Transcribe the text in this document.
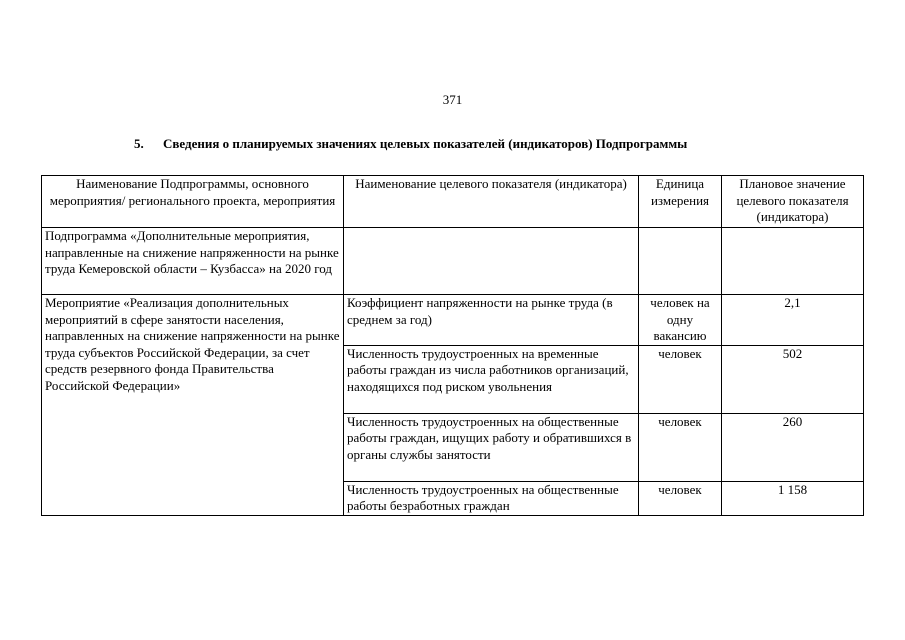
371
5. Сведения о планируемых значениях целевых показателей (индикаторов) Подпрограммы
Наименование Подпрограммы, основного мероприятия/ регионального проекта, мероприятия	Наименование целевого показателя (индикатора)	Единица измерения	Плановое значение целевого показателя (индикатора)
Подпрограмма «Дополнительные мероприятия, направленные на снижение напряженности на рынке труда Кемеровской области – Кузбасса» на 2020 год			
Мероприятие «Реализация дополнительных мероприятий в сфере занятости населения, направленных на снижение напряженности на рынке труда субъектов Российской Федерации, за счет средств резервного фонда Правительства Российской Федерации»	Коэффициент напряженности на рынке труда (в среднем за год)	человек на одну вакансию	2,1
	Численность трудоустроенных на временные работы граждан из числа работников организаций, находящихся под риском увольнения	человек	502
	Численность трудоустроенных на общественные работы граждан, ищущих работу и обратившихся в органы службы занятости	человек	260
	Численность трудоустроенных на общественные работы безработных граждан	человек	1 158
